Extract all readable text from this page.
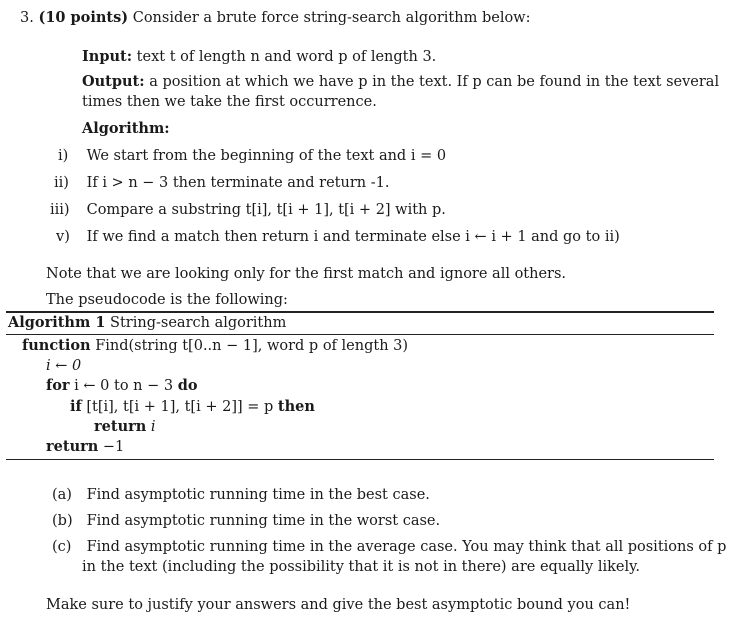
3. (10 points) Consider a brute force string-search algorithm below:
Input: text t of length n and word p of length 3.
Output: a position at which we have p in the text. If p can be found in the text several
times then we take the first occurrence.
Algorithm:
i) We start from the beginning of the text and i = 0
ii) If i > n − 3 then terminate and return -1.
iii) Compare a substring t[i], t[i + 1], t[i + 2] with p.
v) If we find a match then return i and terminate else i ← i + 1 and go to ii)
Note that we are looking only for the first match and ignore all others.
The pseudocode is the following:
Algorithm 1 String-search algorithm
function Find(string t[0..n − 1], word p of length 3)
i ← 0
for i ← 0 to n − 3 do
if [t[i], t[i + 1], t[i + 2]] = p then
return i
return −1
(a) Find asymptotic running time in the best case.
(b) Find asymptotic running time in the worst case.
(c) Find asymptotic running time in the average case. You may think that all positions of p
in the text (including the possibility that it is not in there) are equally likely.
Make sure to justify your answers and give the best asymptotic bound you can!
